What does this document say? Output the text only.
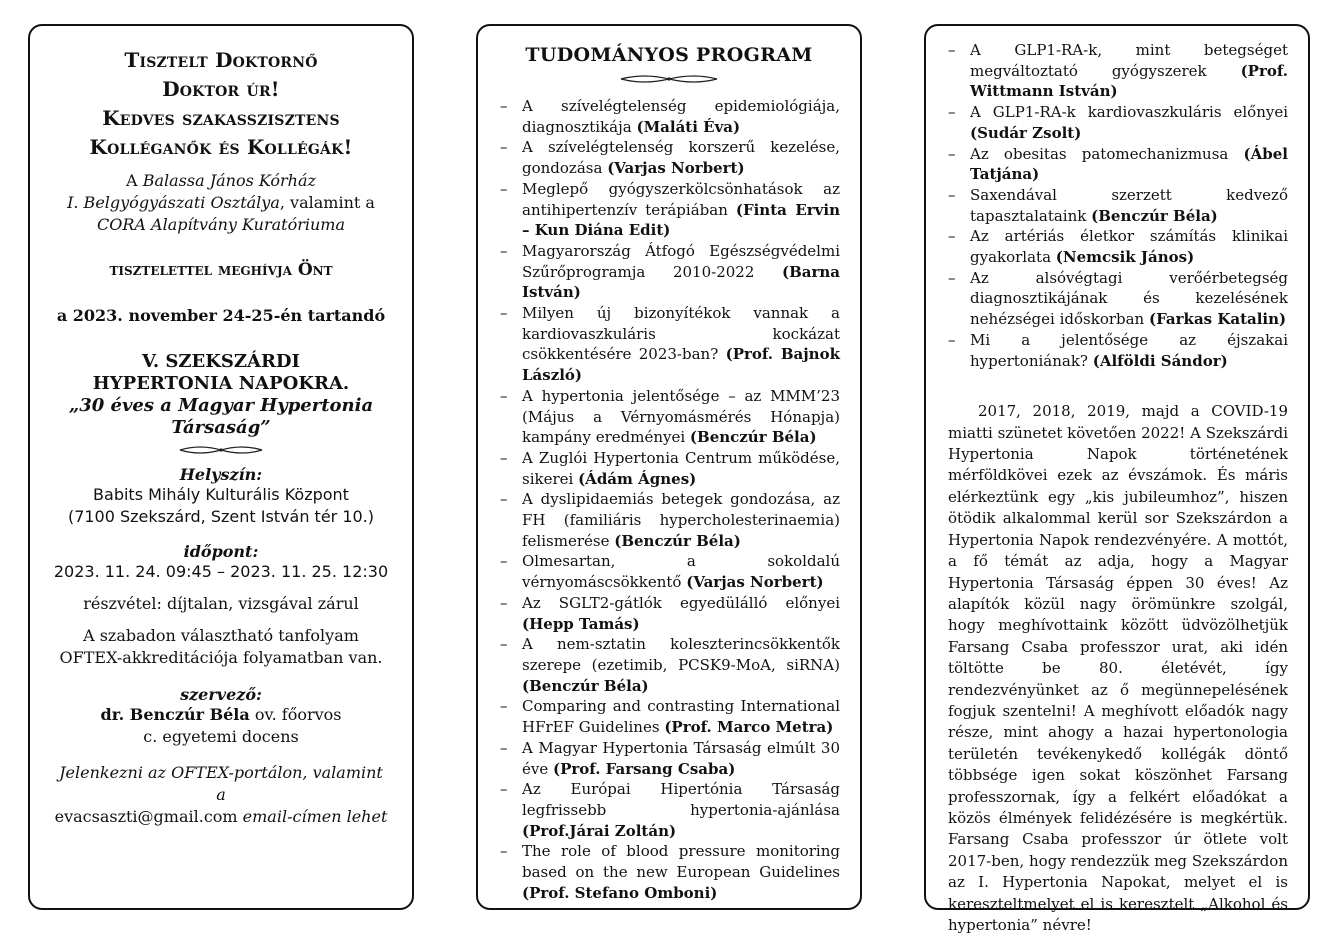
Tisztelt Doktornő
Doktor úr!
Kedves szakasszisztens
Kolléganők és Kollégák!
A Balassa János Kórház
I. Belgyógyászati Osztálya, valamint a
CORA Alapítvány Kuratóriuma
tisztelettel meghívja Önt
a 2023. november 24-25-én tartandó
V. SZEKSZÁRDI
HYPERTONIA NAPOKRA.
„30 éves a Magyar Hypertonia Társaság”
Helyszín:
Babits Mihály Kulturális Központ
(7100 Szekszárd, Szent István tér 10.)
időpont:
2023. 11. 24. 09:45 – 2023. 11. 25. 12:30
részvétel: díjtalan, vizsgával zárul
A szabadon választható tanfolyam OFTEX-akkreditációja folyamatban van.
szervező:
dr. Benczúr Béla ov. főorvos
c. egyetemi docens
Jelenkezni az OFTEX-portálon, valamint a
evacsaszti@gmail.com email-címen lehet
TUDOMÁNYOS PROGRAM
– A szívelégtelenség epidemiológiája, diagnosztikája (Maláti Éva)
– A szívelégtelenség korszerű kezelése, gondozása (Varjas Norbert)
– Meglepő gyógyszerkölcsönhatások az antihipertenzív terápiában (Finta Ervin – Kun Diána Edit)
– Magyarország Átfogó Egészségvédelmi Szűrőprogramja 2010-2022 (Barna István)
– Milyen új bizonyítékok vannak a kardiovaszkuláris kockázat csökkentésére 2023-ban? (Prof. Bajnok László)
– A hypertonia jelentősége – az MMM’23 (Május a Vérnyomásmérés Hónapja) kampány eredményei (Benczúr Béla)
– A Zuglói Hypertonia Centrum működése, sikerei (Ádám Ágnes)
– A dyslipidaemiás betegek gondozása, az FH (familiáris hypercholesterinaemia) felismerése (Benczúr Béla)
– Olmesartan, a sokoldalú vérnyomáscsökkentő (Varjas Norbert)
– Az SGLT2-gátlók egyedülálló előnyei (Hepp Tamás)
– A nem-sztatin koleszterincsökkentők szerepe (ezetimib, PCSK9-MoA, siRNA) (Benczúr Béla)
– Comparing and contrasting International HFrEF Guidelines (Prof. Marco Metra)
– A Magyar Hypertonia Társaság elmúlt 30 éve (Prof. Farsang Csaba)
– Az Európai Hipertónia Társaság legfrissebb hypertonia-ajánlása (Prof.Járai Zoltán)
– The role of blood pressure monitoring based on the new European Guidelines (Prof. Stefano Omboni)
– A GLP1-RA-k, mint betegséget megváltoztató gyógyszerek (Prof. Wittmann István)
– A GLP1-RA-k kardiovaszkuláris előnyei (Sudár Zsolt)
– Az obesitas patomechanizmusa (Ábel Tatjána)
– Saxendával szerzett kedvező tapasztalataink (Benczúr Béla)
– Az artériás életkor számítás klinikai gyakorlata (Nemcsik János)
– Az alsóvégtagi verőérbetegség diagnosztikájának és kezelésének nehézségei időskorban (Farkas Katalin)
– Mi a jelentősége az éjszakai hypertoniának? (Alföldi Sándor)
2017, 2018, 2019, majd a COVID-19 miatti szünetet követően 2022! A Szekszárdi Hypertonia Napok történetének mérföldkövei ezek az évszámok. És máris elérkeztünk egy „kis jubileumhoz”, hiszen ötödik alkalommal kerül sor Szekszárdon a Hypertonia Napok rendezvényére. A mottót, a fő témát az adja, hogy a Magyar Hypertonia Társaság éppen 30 éves! Az alapítók közül nagy örömünkre szolgál, hogy meghívottaink között üdvözölhetjük Farsang Csaba professzor urat, aki idén töltötte be 80. életévét, így rendezvényünket az ő megünnepelésének fogjuk szentelni! A meghívott előadók nagy része, mint ahogy a hazai hypertonologia területén tevékenykedő kollégák döntő többsége igen sokat köszönhet Farsang professzornak, így a felkért előadókat a közös élmények felidézésére is megkértük. Farsang Csaba professzor úr ötlete volt 2017-ben, hogy rendezzük meg Szekszárdon az I. Hypertonia Napokat, melyet el is kereszteltmelyet el is keresztelt „Alkohol és hypertonia” névre!
